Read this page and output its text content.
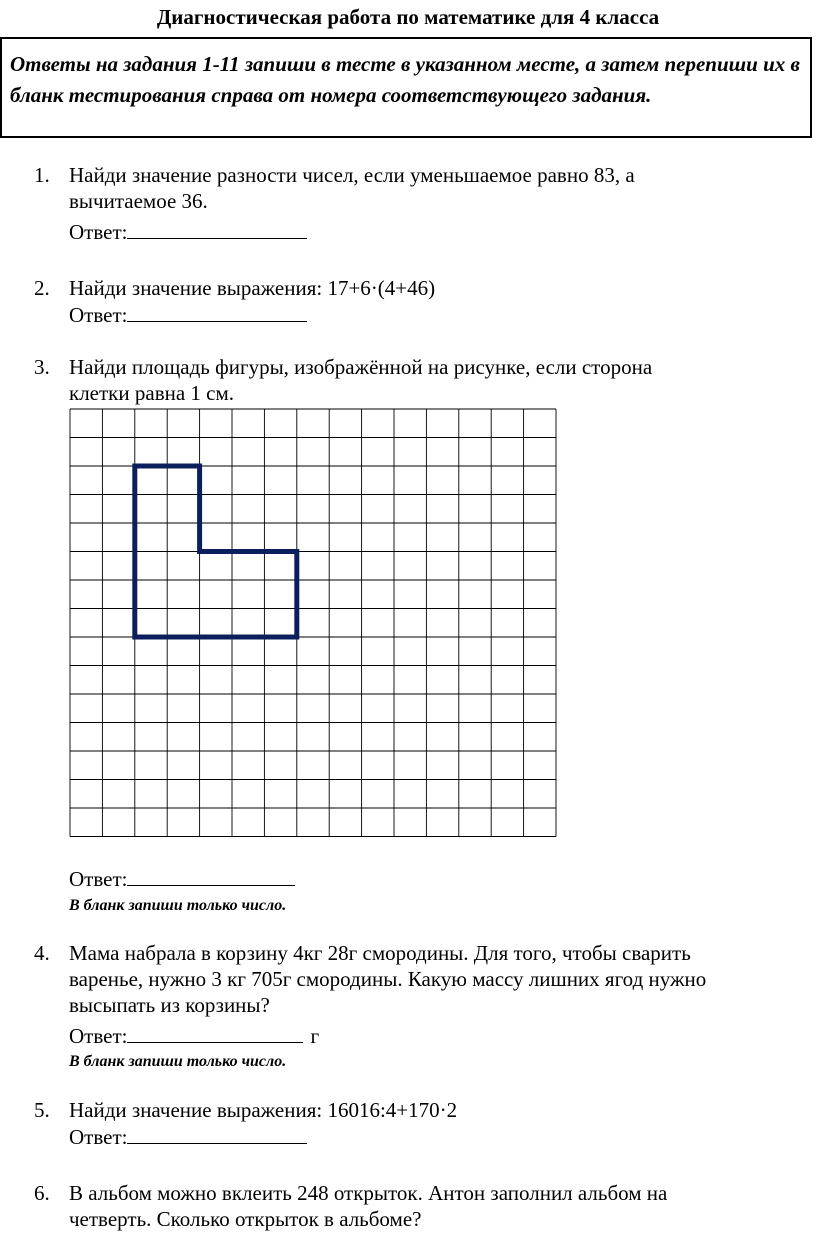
Диагностическая работа по математике для 4 класса
Ответы на задания 1-11 запиши в тесте в указанном месте, а затем перепиши их в бланк тестирования справа от номера соответствующего задания.
1. Найди значение разности чисел, если уменьшаемое равно 83, а
вычитаемое 36.
Ответ:
2. Найди значение выражения: 17+6·(4+46)
Ответ:
3. Найди площадь фигуры, изображённой на рисунке, если сторона
клетки равна 1 см.
Ответ:
В бланк запиши только число.
4. Мама набрала в корзину 4кг 28г смородины. Для того, чтобы сварить
варенье, нужно 3 кг 705г смородины. Какую массу лишних ягод нужно
высыпать из корзины?
Ответ:	г
В бланк запиши только число.
5. Найди значение выражения: 16016:4+170·2
Ответ:
6. В альбом можно вклеить 248 открыток. Антон заполнил альбом на
четверть. Сколько открыток в альбоме?
